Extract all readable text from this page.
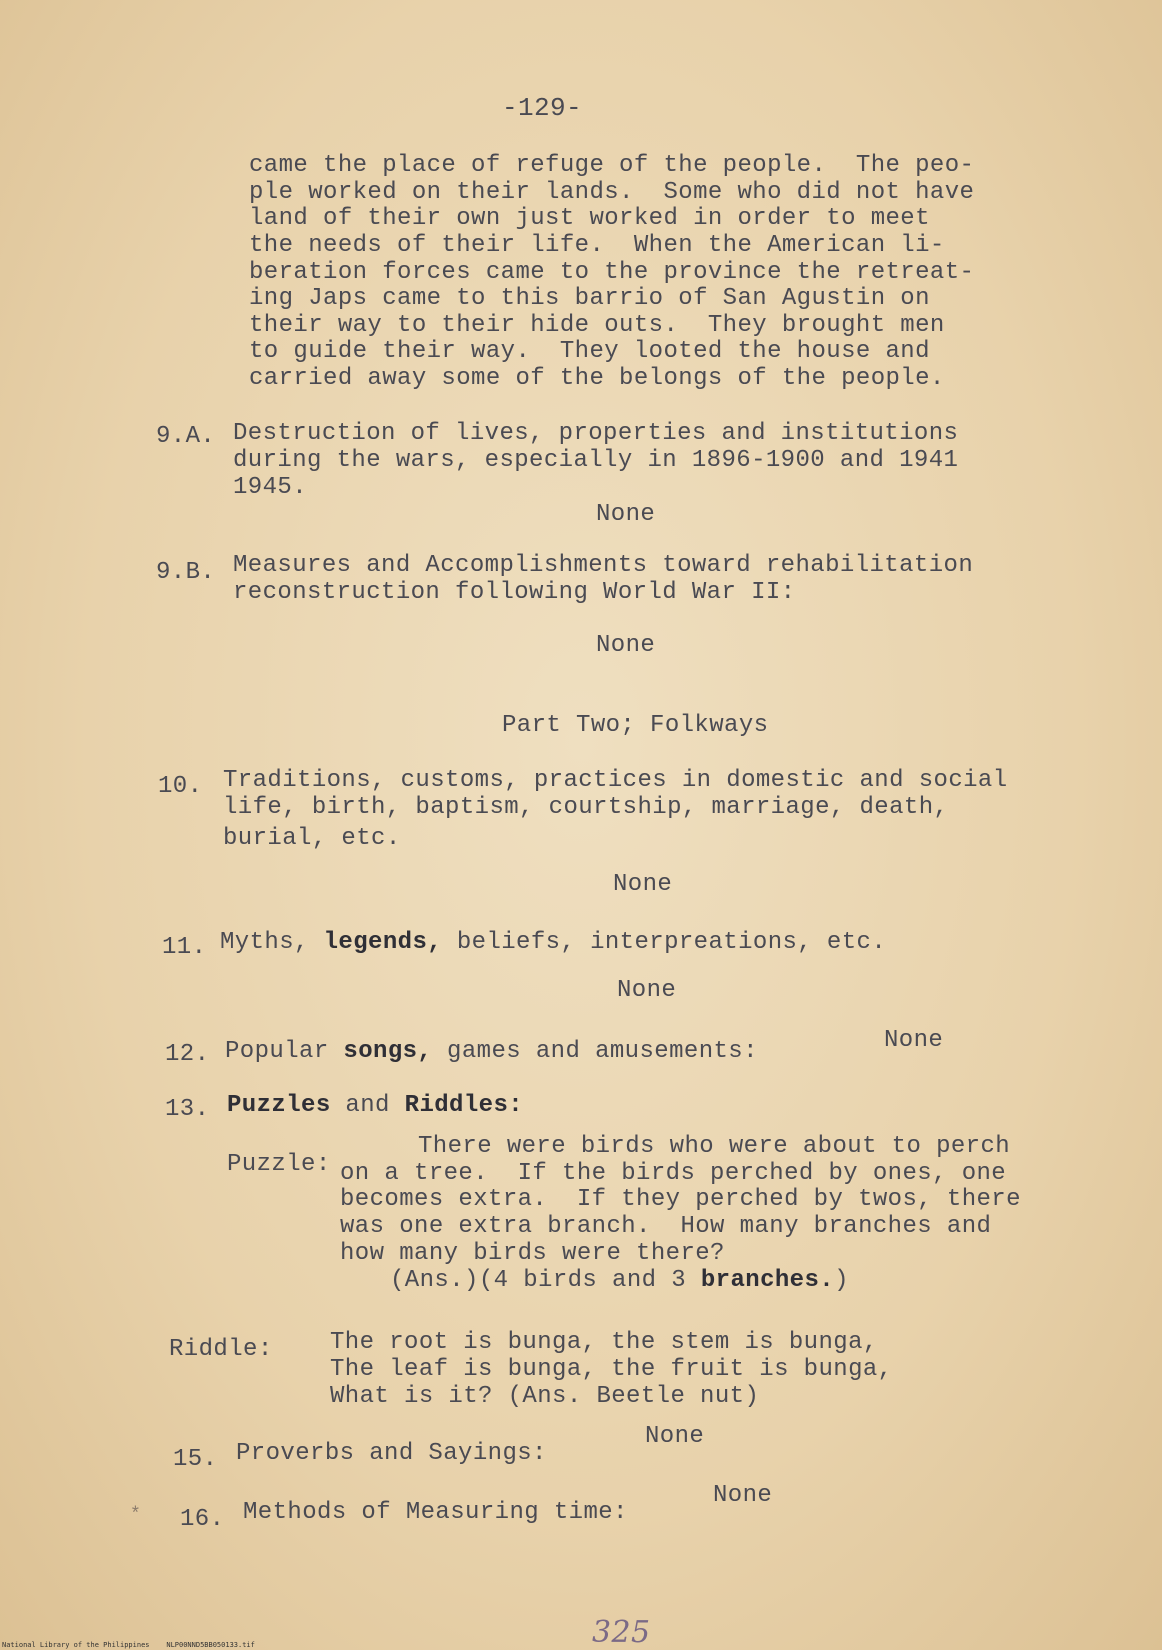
-129-
came the place of refuge of the people.  The peo-
ple worked on their lands.  Some who did not have
land of their own just worked in order to meet
the needs of their life.  When the American li-
beration forces came to the province the retreat-
ing Japs came to this barrio of San Agustin on
their way to their hide outs.  They brought men
to guide their way.  They looted the house and
carried away some of the belongs of the people.
9.A. Destruction of lives, properties and institutions
during the wars, especially in 1896-1900 and 1941
1945.
None
9.B. Measures and Accomplishments toward rehabilitation
reconstruction following World War II:
None
Part Two; Folkways
10. Traditions, customs, practices in domestic and social
life, birth, baptism, courtship, marriage, death,
burial, etc.
None
11. Myths, legends, beliefs, interpreations, etc.
None
12. Popular songs, games and amusements:	None
13. Puzzles and Riddles:
Puzzle:
There were birds who were about to perch
on a tree.  If the birds perched by ones, one
becomes extra.  If they perched by twos, there
was one extra branch.  How many branches and
how many birds were there?
(Ans.)(4 birds and 3 branches.)
Riddle: The root is bunga, the stem is bunga,
The leaf is bunga, the fruit is bunga,
What is it? (Ans. Beetle nut)
15. Proverbs and Sayings:
None
16. Methods of Measuring time:
None
325
*
National Library of the Philippines    NLP00NND5BB050133.tif
